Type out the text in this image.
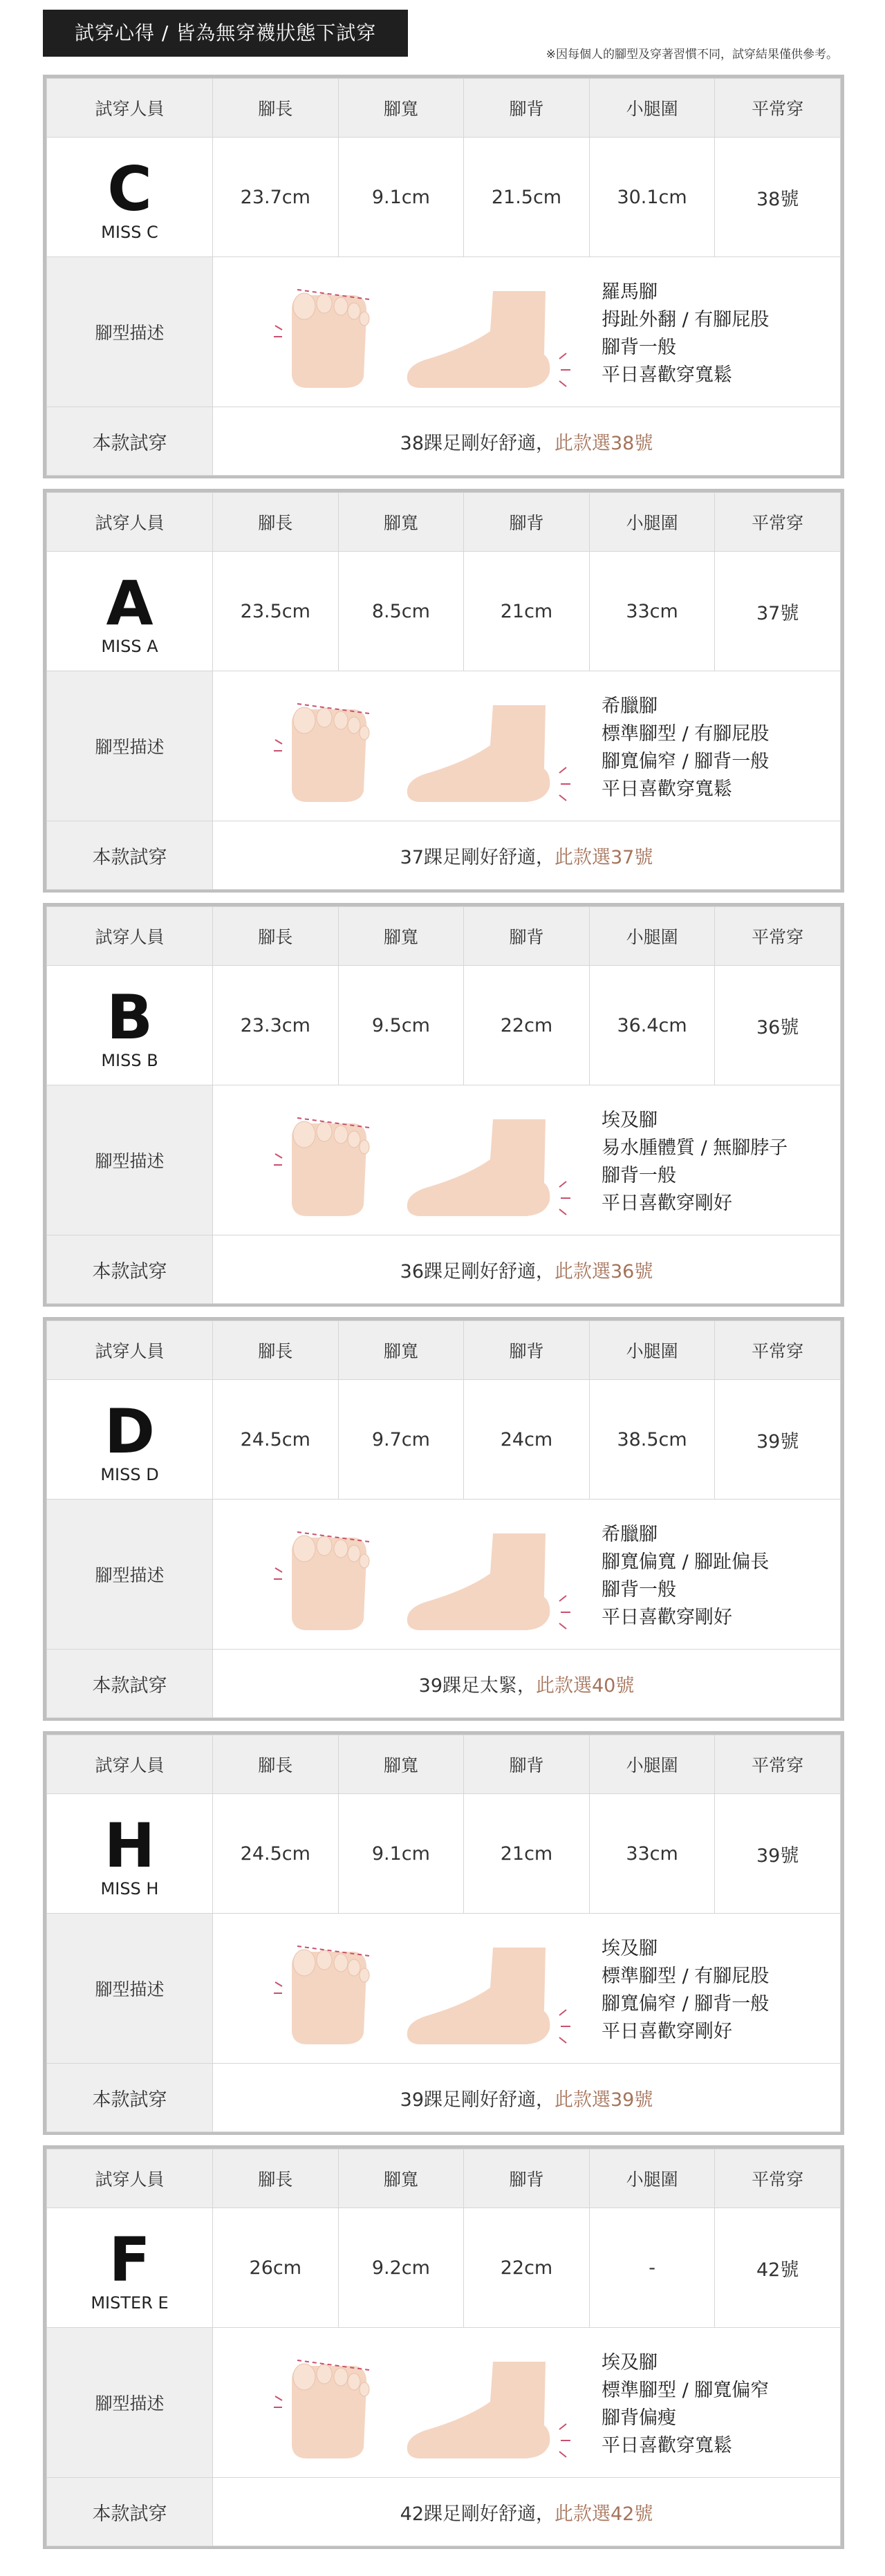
試穿心得 / 皆為無穿襪狀態下試穿
※因每個人的腳型及穿著習慣不同，試穿結果僅供參考。
試穿人員	腳長	腳寬	腳背	小腿圍	平常穿

C
MISS C	23.7cm	9.1cm	21.5cm	30.1cm	38號
腳型描述	羅馬腳
拇趾外翻 / 有腳屁股
腳背一般
平日喜歡穿寬鬆				

本款試穿	38踝足剛好舒適，此款選38號				
試穿人員	腳長	腳寬	腳背	小腿圍	平常穿

A
MISS A	23.5cm	8.5cm	21cm	33cm	37號
腳型描述	希臘腳
標準腳型 / 有腳屁股
腳寬偏窄 / 腳背一般
平日喜歡穿寬鬆				

本款試穿	37踝足剛好舒適，此款選37號				
試穿人員	腳長	腳寬	腳背	小腿圍	平常穿

B
MISS B	23.3cm	9.5cm	22cm	36.4cm	36號
腳型描述	埃及腳
易水腫體質 / 無腳脖子
腳背一般
平日喜歡穿剛好				

本款試穿	36踝足剛好舒適，此款選36號				
試穿人員	腳長	腳寬	腳背	小腿圍	平常穿

D
MISS D	24.5cm	9.7cm	24cm	38.5cm	39號
腳型描述	希臘腳
腳寬偏寬 / 腳趾偏長
腳背一般
平日喜歡穿剛好				

本款試穿	39踝足太緊，此款選40號				
試穿人員	腳長	腳寬	腳背	小腿圍	平常穿

H
MISS H	24.5cm	9.1cm	21cm	33cm	39號
腳型描述	埃及腳
標準腳型 / 有腳屁股
腳寬偏窄 / 腳背一般
平日喜歡穿剛好				

本款試穿	39踝足剛好舒適，此款選39號				
試穿人員	腳長	腳寬	腳背	小腿圍	平常穿

F
MISTER E	26cm	9.2cm	22cm	-	42號
腳型描述	埃及腳
標準腳型 / 腳寬偏窄
腳背偏瘦
平日喜歡穿寬鬆				

本款試穿	42踝足剛好舒適，此款選42號				
